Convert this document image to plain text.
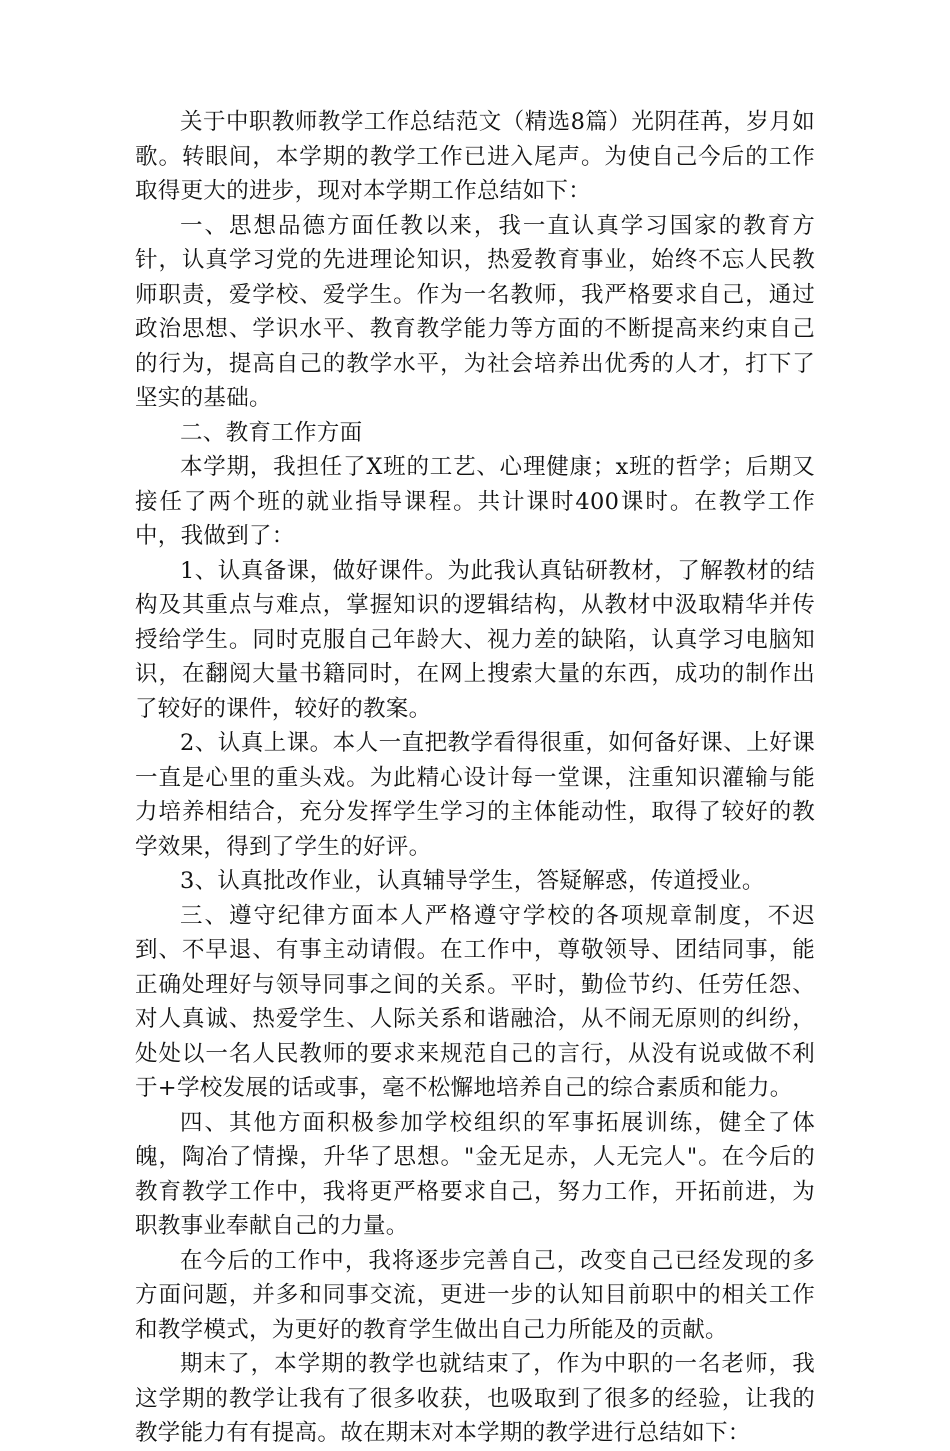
关于中职教师教学工作总结范文（精选8篇）光阴荏苒，岁月如歌。转眼间，本学期的教学工作已进入尾声。为使自己今后的工作取得更大的进步，现对本学期工作总结如下：

一、思想品德方面任教以来，我一直认真学习国家的教育方针，认真学习党的先进理论知识，热爱教育事业，始终不忘人民教师职责，爱学校、爱学生。作为一名教师，我严格要求自己，通过政治思想、学识水平、教育教学能力等方面的不断提高来约束自己的行为，提高自己的教学水平，为社会培养出优秀的人才，打下了坚实的基础。

二、教育工作方面

本学期，我担任了X班的工艺、心理健康；x班的哲学；后期又接任了两个班的就业指导课程。共计课时400课时。在教学工作中，我做到了：

1、认真备课，做好课件。为此我认真钻研教材，了解教材的结构及其重点与难点，掌握知识的逻辑结构，从教材中汲取精华并传授给学生。同时克服自己年龄大、视力差的缺陷，认真学习电脑知识，在翻阅大量书籍同时，在网上搜索大量的东西，成功的制作出了较好的课件，较好的教案。

2、认真上课。本人一直把教学看得很重，如何备好课、上好课一直是心里的重头戏。为此精心设计每一堂课，注重知识灌输与能力培养相结合，充分发挥学生学习的主体能动性，取得了较好的教学效果，得到了学生的好评。

3、认真批改作业，认真辅导学生，答疑解惑，传道授业。

三、遵守纪律方面本人严格遵守学校的各项规章制度，不迟到、不早退、有事主动请假。在工作中，尊敬领导、团结同事，能正确处理好与领导同事之间的关系。平时，勤俭节约、任劳任怨、对人真诚、热爱学生、人际关系和谐融洽，从不闹无原则的纠纷，处处以一名人民教师的要求来规范自己的言行，从没有说或做不利于+学校发展的话或事，毫不松懈地培养自己的综合素质和能力。

四、其他方面积极参加学校组织的军事拓展训练，健全了体魄，陶冶了情操，升华了思想。"金无足赤，人无完人"。在今后的教育教学工作中，我将更严格要求自己，努力工作，开拓前进，为职教事业奉献自己的力量。

在今后的工作中，我将逐步完善自己，改变自己已经发现的多方面问题，并多和同事交流，更进一步的认知目前职中的相关工作和教学模式，为更好的教育学生做出自己力所能及的贡献。

期末了，本学期的教学也就结束了，作为中职的一名老师，我这学期的教学让我有了很多收获，也吸取到了很多的经验，让我的教学能力有有提高。故在期末对本学期的教学进行总结如下：
